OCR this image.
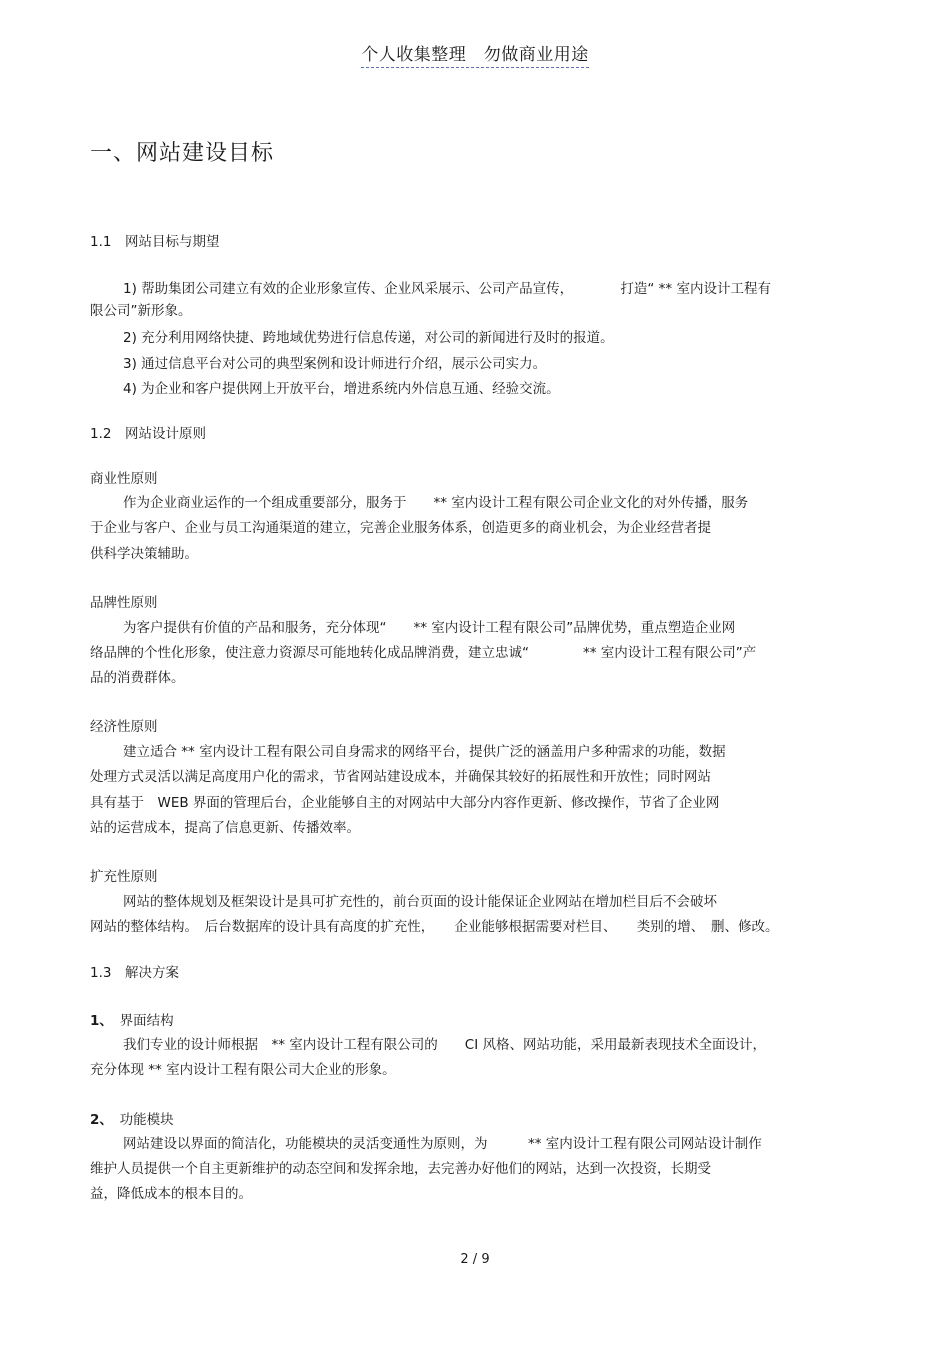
个人收集整理　勿做商业用途
一、网站建设目标
1.1　网站目标与期望
1) 帮助集团公司建立有效的企业形象宣传、企业风采展示、公司产品宣传，　　　　打造“ ** 室内设计工程有
限公司”新形象。
2) 充分利用网络快捷、跨地域优势进行信息传递，对公司的新闻进行及时的报道。
3) 通过信息平台对公司的典型案例和设计师进行介绍，展示公司实力。
4) 为企业和客户提供网上开放平台，增进系统内外信息互通、经验交流。
1.2　网站设计原则
商业性原则
作为企业商业运作的一个组成重要部分，服务于　　** 室内设计工程有限公司企业文化的对外传播，服务
于企业与客户、企业与员工沟通渠道的建立，完善企业服务体系，创造更多的商业机会，为企业经营者提
供科学决策辅助。
品牌性原则
为客户提供有价值的产品和服务，充分体现“　　** 室内设计工程有限公司”品牌优势，重点塑造企业网
络品牌的个性化形象，使注意力资源尽可能地转化成品牌消费，建立忠诚“　　　　** 室内设计工程有限公司”产
品的消费群体。
经济性原则
建立适合 ** 室内设计工程有限公司自身需求的网络平台，提供广泛的涵盖用户多种需求的功能，数据
处理方式灵活以满足高度用户化的需求，节省网站建设成本，并确保其较好的拓展性和开放性；同时网站
具有基于　WEB 界面的管理后台，企业能够自主的对网站中大部分内容作更新、修改操作，节省了企业网
站的运营成本，提高了信息更新、传播效率。
扩充性原则
网站的整体规划及框架设计是具可扩充性的，前台页面的设计能保证企业网站在增加栏目后不会破坏
网站的整体结构。　后台数据库的设计具有高度的扩充性，　　企业能够根据需要对栏目、　　类别的增、　删、修改。
1.3　解决方案
1、　界面结构
我们专业的设计师根据　** 室内设计工程有限公司的　　CI 风格、网站功能，采用最新表现技术全面设计，
充分体现 ** 室内设计工程有限公司大企业的形象。
2、　功能模块
网站建设以界面的简洁化，功能模块的灵活变通性为原则，为　　　** 室内设计工程有限公司网站设计制作
维护人员提供一个自主更新维护的动态空间和发挥余地，去完善办好他们的网站，达到一次投资，长期受
益，降低成本的根本目的。
2 / 9
